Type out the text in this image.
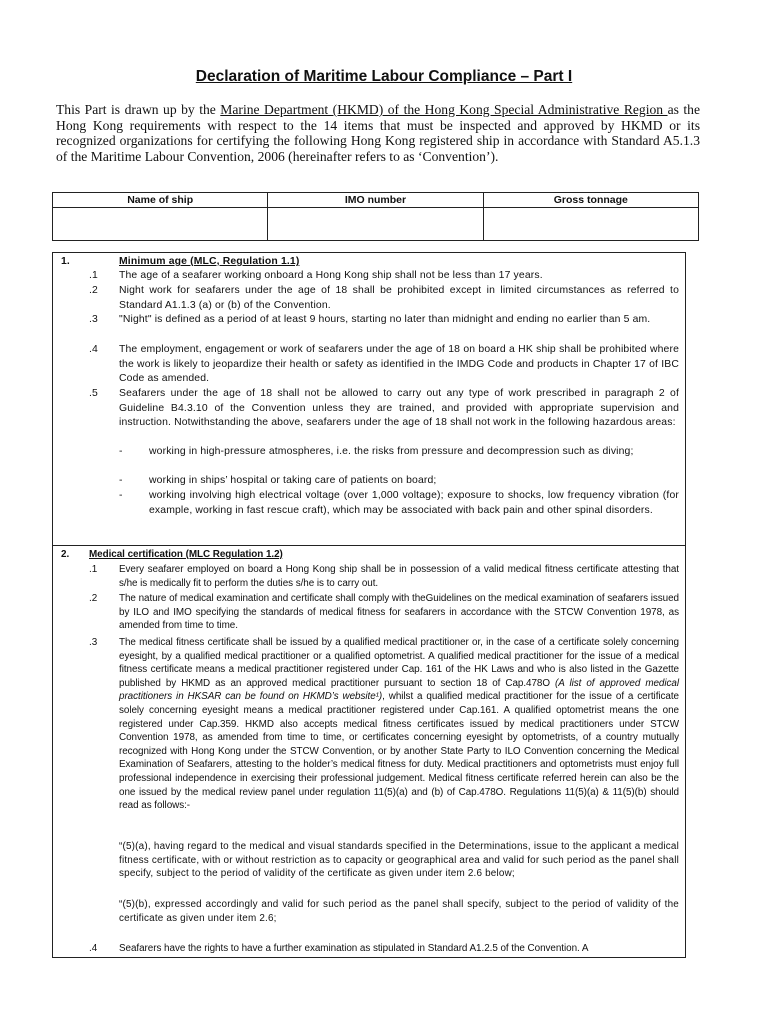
Declaration of Maritime Labour Compliance – Part I
This Part is drawn up by the Marine Department (HKMD) of the Hong Kong Special Administrative Region as the Hong Kong requirements with respect to the 14 items that must be inspected and approved by HKMD or its recognized organizations for certifying the following Hong Kong registered ship in accordance with Standard A5.1.3 of the Maritime Labour Convention, 2006 (hereinafter refers to as ‘Convention’).
Name of ship	IMO number	Gross tonnage

1.	Minimum age (MLC, Regulation 1.1)
.1 The age of a seafarer working onboard a Hong Kong ship shall not be less than 17 years.
.2 Night work for seafarers under the age of 18 shall be prohibited except in limited circumstances as referred to Standard A1.1.3 (a) or (b) of the Convention.
.3 "Night" is defined as a period of at least 9 hours, starting no later than midnight and ending no earlier than 5 am.
.4 The employment, engagement or work of seafarers under the age of 18 on board a HK ship shall be prohibited where the work is likely to jeopardize their health or safety as identified in the IMDG Code and products in Chapter 17 of IBC Code as amended.
.5 Seafarers under the age of 18 shall not be allowed to carry out any type of work prescribed in paragraph 2 of Guideline B4.3.10 of the Convention unless they are trained, and provided with appropriate supervision and instruction. Notwithstanding the above, seafarers under the age of 18 shall not work in the following hazardous areas:
-	working in high-pressure atmospheres, i.e. the risks from pressure and decompression such as diving;
-	working in ships’ hospital or taking care of patients on board;
-	working involving high electrical voltage (over 1,000 voltage); exposure to shocks, low frequency vibration (for example, working in fast rescue craft), which may be associated with back pain and other spinal disorders.
2. Medical certification (MLC Regulation 1.2)
.1 Every seafarer employed on board a Hong Kong ship shall be in possession of a valid medical fitness certificate attesting that s/he is medically fit to perform the duties s/he is to carry out.
.2 The nature of medical examination and certificate shall comply with theGuidelines on the medical examination of seafarers issued by ILO and IMO specifying the standards of medical fitness for seafarers in accordance with the STCW Convention 1978, as amended from time to time.
.3 The medical fitness certificate shall be issued by a qualified medical practitioner or, in the case of a certificate solely concerning eyesight, by a qualified medical practitioner or a qualified optometrist. A qualified medical practitioner for the issue of a medical fitness certificate means a medical practitioner registered under Cap. 161 of the HK Laws and who is also listed in the Gazette published by HKMD as an approved medical practitioner pursuant to section 18 of Cap.478O (A list of approved medical practitioners in HKSAR can be found on HKMD’s website¹), whilst a qualified medical practitioner for the issue of a certificate solely concerning eyesight means a medical practitioner registered under Cap.161. A qualified optometrist means the one registered under Cap.359. HKMD also accepts medical fitness certificates issued by medical practitioners under STCW Convention 1978, as amended from time to time, or certificates concerning eyesight by optometrists, of a country mutually recognized with Hong Kong under the STCW Convention, or by another State Party to ILO Convention concerning the Medical Examination of Seafarers, attesting to the holder’s medical fitness for duty. Medical practitioners and optometrists must enjoy full professional independence in exercising their professional judgement. Medical fitness certificate referred herein can also be the one issued by the medical review panel under regulation 11(5)(a) and (b) of Cap.478O. Regulations 11(5)(a) & 11(5)(b) should read as follows:-
“(5)(a), having regard to the medical and visual standards specified in the Determinations, issue to the applicant a medical fitness certificate, with or without restriction as to capacity or geographical area and valid for such period as the panel shall specify, subject to the period of validity of the certificate as given under item 2.6 below;
“(5)(b), expressed accordingly and valid for such period as the panel shall specify, subject to the period of validity of the certificate as given under item 2.6;
.4 Seafarers have the rights to have a further examination as stipulated in Standard A1.2.5 of the Convention. A
